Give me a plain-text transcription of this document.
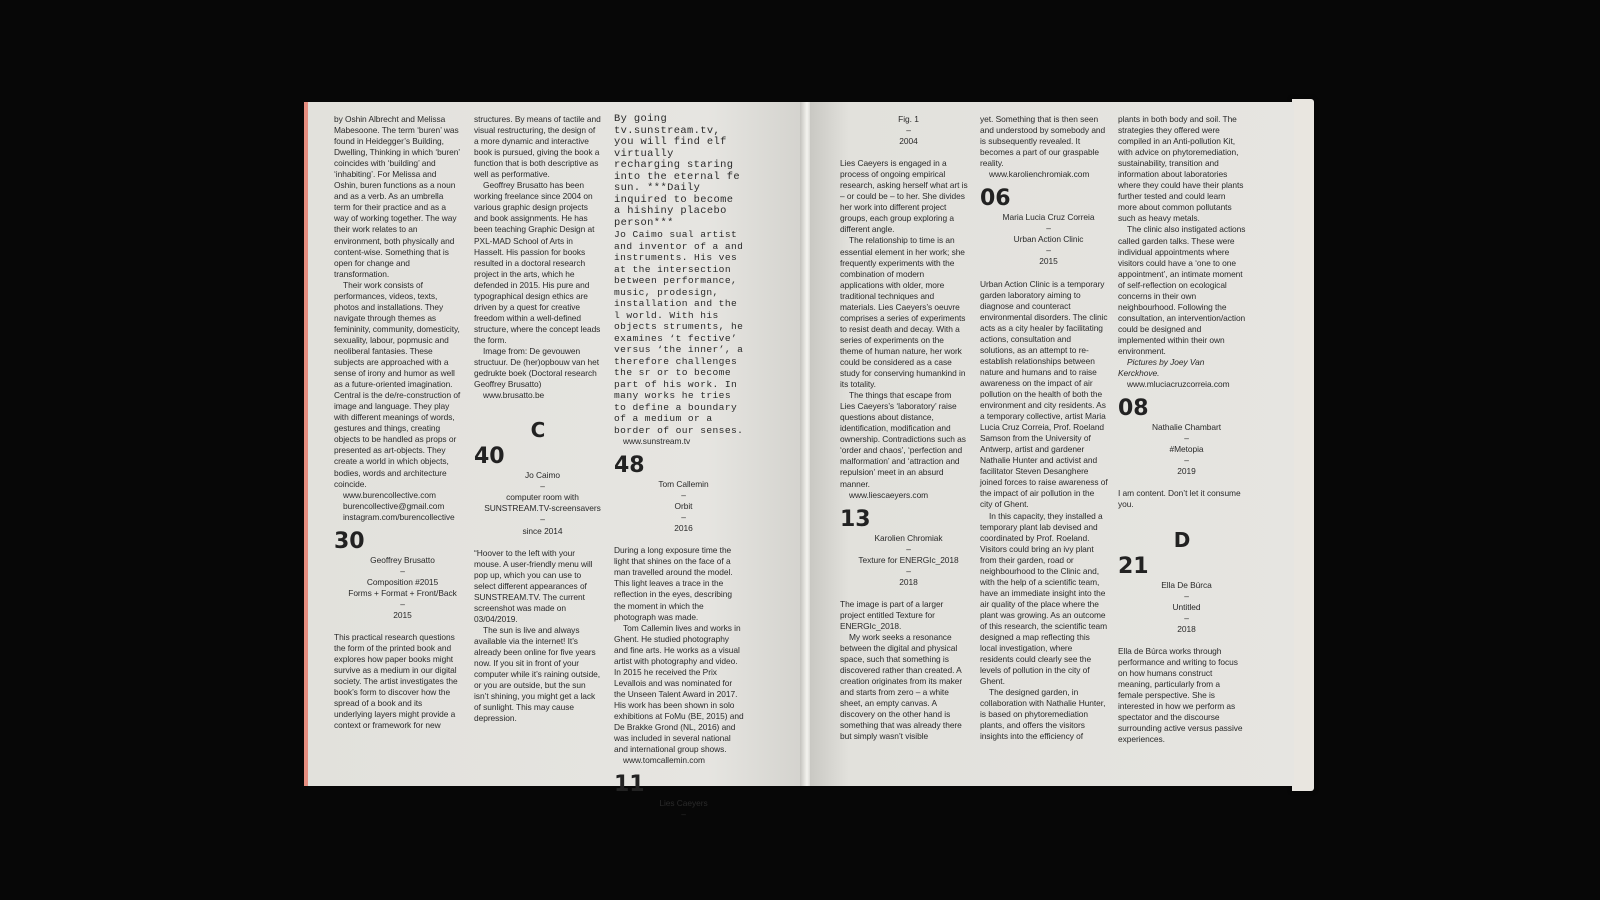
by Oshin Albrecht and Melissa Mabesoone. The term ‘buren’ was found in Heidegger’s Building, Dwelling, Thinking in which ‘buren’ coincides with ‘building’ and ‘inhabiting’. For Melissa and Oshin, buren functions as a noun and as a verb. As an umbrella term for their practice and as a way of working together. The way their work relates to an environment, both physically and content-wise. Something that is open for change and transformation.

Their work consists of performances, videos, texts, photos and installations. They navigate through themes as femininity, community, domesticity, sexuality, labour, popmusic and neoliberal fantasies. These subjects are approached with a sense of irony and humor as well as a future-oriented imagination. Central is the de/re-construction of image and language. They play with different meanings of words, gestures and things, creating objects to be handled as props or presented as art-objects. They create a world in which objects, bodies, words and architecture coincide.

www.burencollective.com

burencollective@gmail.com

instagram.com/burencollective

30

Geoffrey Brusatto

–

Composition #2015

Forms + Format + Front/Back

–

2015

This practical research questions the form of the printed book and explores how paper books might survive as a medium in our digital society. The artist investigates the book’s form to discover how the spread of a book and its underlying layers might provide a context or framework for new

structures. By means of tactile and visual restructuring, the design of a more dynamic and interactive book is pursued, giving the book a function that is both descriptive as well as performative.

Geoffrey Brusatto has been working freelance since 2004 on various graphic design projects and book assignments. He has been teaching Graphic Design at PXL-MAD School of Arts in Hasselt. His passion for books resulted in a doctoral research project in the arts, which he defended in 2015. His pure and typographical design ethics are driven by a quest for creative freedom within a well-defined structure, where the concept leads the form.

Image from: De gevouwen structuur. De (her)opbouw van het gedrukte boek (Doctoral research Geoffrey Brusatto)

www.brusatto.be

C
40

Jo Caimo

–

computer room with

SUNSTREAM.TV-screensavers

–

since 2014

“Hoover to the left with your mouse. A user-friendly menu will pop up, which you can use to select different appearances of SUNSTREAM.TV. The current screenshot was made on 03/04/2019.

The sun is live and always available via the internet! It’s already been online for five years now. If you sit in front of your computer while it’s raining outside, or you are outside, but the sun isn’t shining, you might get a lack of sunlight. This may cause depression.

By going tv.sunstream.tv, you will find elf virtually recharging staring into the eternal fe sun. ***Daily inquired to become a hishiny placebo person***

Jo Caimo sual artist and inventor of a and instruments. His ves at the intersection between performance, music, prodesign, installation and the l world. With his objects struments, he examines ‘t fective’ versus ‘the inner’, a therefore challenges the sr or to become part of his work. In many works he tries to define a boundary of a medium or a border of our senses.

www.sunstream.tv

48

Tom Callemin

–

Orbit

–

2016

During a long exposure time the light that shines on the face of a man travelled around the model. This light leaves a trace in the reflection in the eyes, describing the moment in which the photograph was made.

Tom Callemin lives and works in Ghent. He studied photography and fine arts. He works as a visual artist with photography and video. In 2015 he received the Prix Levallois and was nominated for the Unseen Talent Award in 2017. His work has been shown in solo exhibitions at FoMu (BE, 2015) and De Brakke Grond (NL, 2016) and was included in several national and international group shows.

www.tomcallemin.com

11

Lies Caeyers

–

Fig. 1

–

2004

Lies Caeyers is engaged in a process of ongoing empirical research, asking herself what art is – or could be – to her. She divides her work into different project groups, each group exploring a different angle.

The relationship to time is an essential element in her work; she frequently experiments with the combination of modern applications with older, more traditional techniques and materials. Lies Caeyers’s oeuvre comprises a series of experiments to resist death and decay. With a series of experiments on the theme of human nature, her work could be considered as a case study for conserving humankind in its totality.

The things that escape from Lies Caeyers’s ‘laboratory’ raise questions about distance, identification, modification and ownership. Contradictions such as ‘order and chaos’, ‘perfection and malformation’ and ‘attraction and repulsion’ meet in an absurd manner.

www.liescaeyers.com

13

Karolien Chromiak

–

Texture for ENERGIc_2018

–

2018

The image is part of a larger project entitled Texture for ENERGIc_2018.

My work seeks a resonance between the digital and physical space, such that something is discovered rather than created. A creation originates from its maker and starts from zero – a white sheet, an empty canvas. A discovery on the other hand is something that was already there but simply wasn’t visible

yet. Something that is then seen and understood by somebody and is subsequently revealed. It becomes a part of our graspable reality.

www.karolienchromiak.com

06

Maria Lucia Cruz Correia

–

Urban Action Clinic

–

2015

Urban Action Clinic is a temporary garden laboratory aiming to diagnose and counteract environmental disorders. The clinic acts as a city healer by facilitating actions, consultation and solutions, as an attempt to re-establish relationships between nature and humans and to raise awareness on the impact of air pollution on the health of both the environment and city residents. As a temporary collective, artist Maria Lucia Cruz Correia, Prof. Roeland Samson from the University of Antwerp, artist and gardener Nathalie Hunter and activist and facilitator Steven Desanghere joined forces to raise awareness of the impact of air pollution in the city of Ghent.

In this capacity, they installed a temporary plant lab devised and coordinated by Prof. Roeland. Visitors could bring an ivy plant from their garden, road or neighbourhood to the Clinic and, with the help of a scientific team, have an immediate insight into the air quality of the place where the plant was growing. As an outcome of this research, the scientific team designed a map reflecting this local investigation, where residents could clearly see the levels of pollution in the city of Ghent.

The designed garden, in collaboration with Nathalie Hunter, is based on phytoremediation plants, and offers the visitors insights into the efficiency of

plants in both body and soil. The strategies they offered were compiled in an Anti-pollution Kit, with advice on phytoremediation, sustainability, transition and information about laboratories where they could have their plants further tested and could learn more about common pollutants such as heavy metals.

The clinic also instigated actions called garden talks. These were individual appointments where visitors could have a ‘one to one appointment’, an intimate moment of self-reflection on ecological concerns in their own neighbourhood. Following the consultation, an intervention/action could be designed and implemented within their own environment.

Pictures by Joey Van Kerckhove.

www.mluciacruzcorreia.com

08

Nathalie Chambart

–

#Metopia

–

2019

I am content. Don’t let it consume you.

D
21

Ella De Búrca

–

Untitled

–

2018

Ella de Búrca works through performance and writing to focus on how humans construct meaning, particularly from a female perspective. She is interested in how we perform as spectator and the discourse surrounding active versus passive experiences.
